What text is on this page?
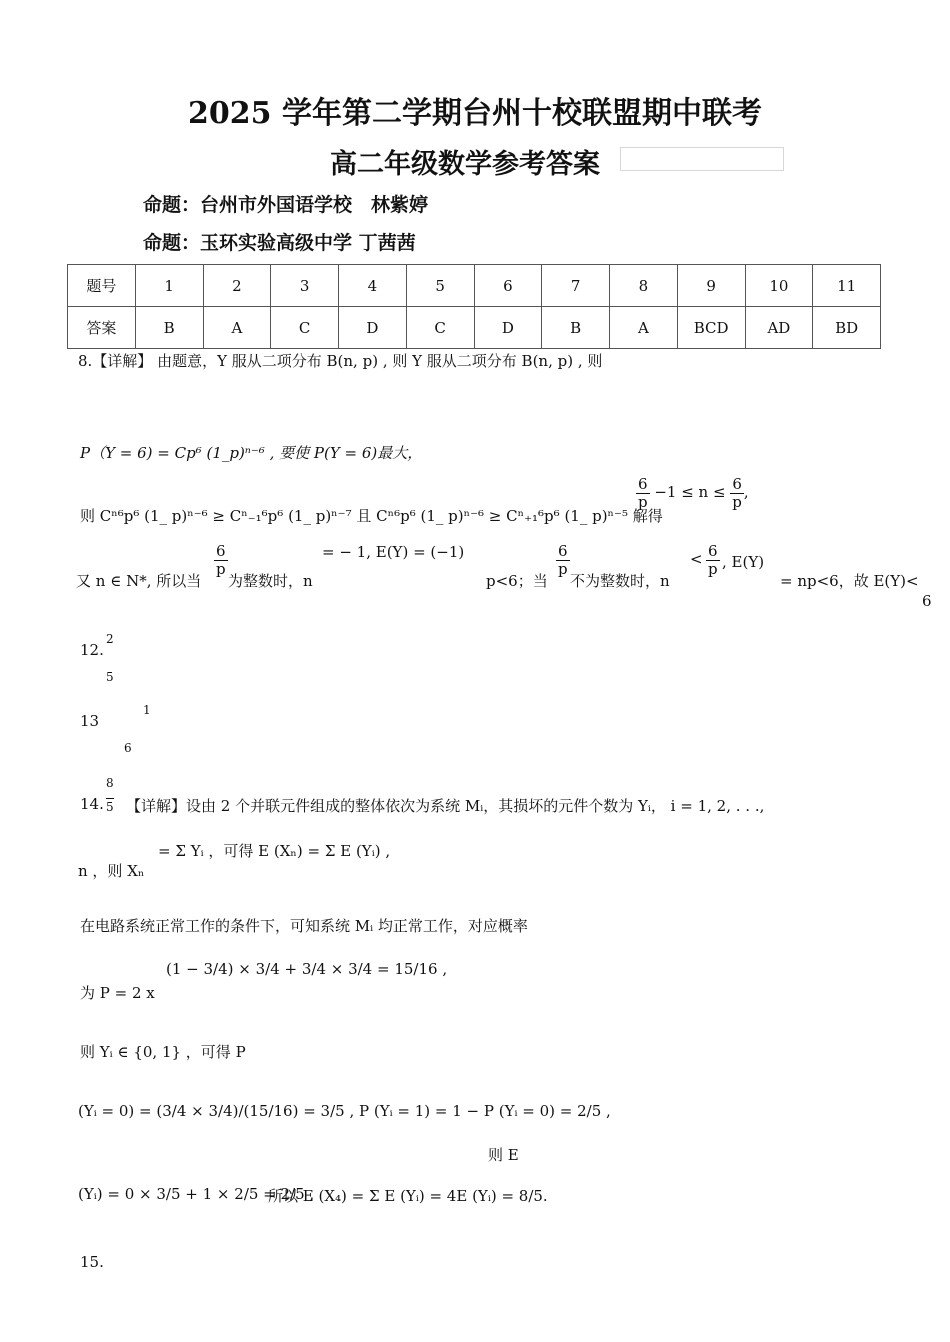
2025 学年第二学期台州十校联盟期中联考
高二年级数学参考答案
命题：台州市外国语学校　林紫婷
命题：玉环实验高级中学 丁茜茜
题号	1	2	3	4	5	6	7	8	9	10	11
答案	B	A	C	D	C	D	B	A	BCD	AD	BD
8.【详解】 由题意，Y 服从二项分布 B(n, p) , 则 Y 服从二项分布 B(n, p) , 则
P（Y = 6) = Cp⁶ (1_p)ⁿ⁻⁶ , 要使 P(Y = 6)最大，
则 Cⁿ⁶p⁶ (1_ p)ⁿ⁻⁶ ≥ Cⁿ₋₁⁶p⁶ (1_ p)ⁿ⁻⁷ 且 Cⁿ⁶p⁶ (1_ p)ⁿ⁻⁶ ≥ Cⁿ₊₁⁶p⁶ (1_ p)ⁿ⁻⁵ 解得
$\frac{6}{p} -1 \le n \le \frac{6}{p}$ ,
又 n ∈ N*, 所以当
$\frac{6}{p}$
为整数时，n
= − 1, E(Y) = (−1)
p<6；当
$\frac{6}{p}$
不为整数时，n
< $\frac{6}{p}$ , E(Y)
= np<6，故 E(Y)<
6
12.
2
5
13
1
6
8
5
14. 【详解】设由 2 个并联元件组成的整体依次为系统 Mᵢ，其损坏的元件个数为 Yᵢ， i = 1, 2, . . .,
n ，则 Xₙ
= Σ Yᵢ ，可得 E (Xₙ) = Σ E (Yᵢ) ,
在电路系统正常工作的条件下，可知系统 Mᵢ 均正常工作，对应概率
为 P = 2 x
(1 − 3/4) × 3/4 + 3/4 × 3/4 = 15/16 ,
则 Yᵢ ∈ {0, 1} ，可得 P
(Yᵢ = 0) = (3/4 × 3/4)/(15/16) = 3/5 , P (Yᵢ = 1) = 1 − P (Yᵢ = 0) = 2/5 ,
则 E
(Yᵢ) = 0 × 3/5 + 1 × 2/5 = 2/5 ,
所以 E (X₄) = Σ E (Yᵢ) = 4E (Yᵢ) = 8/5.
15.
